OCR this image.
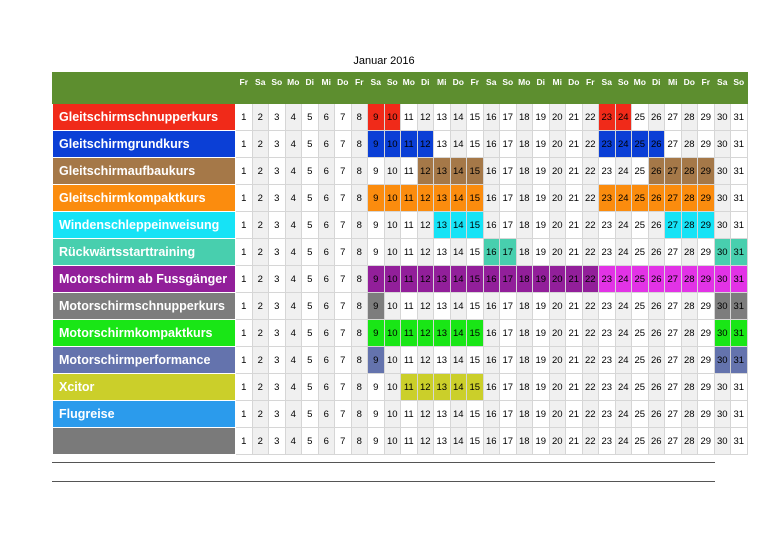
Januar 2016
	Fr	Sa	So	Mo	Di	Mi	Do	Fr	Sa	So	Mo	Di	Mi	Do	Fr	Sa	So	Mo	Di	Mi	Do	Fr	Sa	So	Mo	Di	Mi	Do	Fr	Sa	So
Gleitschirmschnupperkurs	1	2	3	4	5	6	7	8	9	10	11	12	13	14	15	16	17	18	19	20	21	22	23	24	25	26	27	28	29	30	31
Gleitschirmgrundkurs	1	2	3	4	5	6	7	8	9	10	11	12	13	14	15	16	17	18	19	20	21	22	23	24	25	26	27	28	29	30	31
Gleitschirmaufbaukurs	1	2	3	4	5	6	7	8	9	10	11	12	13	14	15	16	17	18	19	20	21	22	23	24	25	26	27	28	29	30	31
Gleitschirmkompaktkurs	1	2	3	4	5	6	7	8	9	10	11	12	13	14	15	16	17	18	19	20	21	22	23	24	25	26	27	28	29	30	31
Windenschleppeinweisung	1	2	3	4	5	6	7	8	9	10	11	12	13	14	15	16	17	18	19	20	21	22	23	24	25	26	27	28	29	30	31
Rückwärtsstarttraining	1	2	3	4	5	6	7	8	9	10	11	12	13	14	15	16	17	18	19	20	21	22	23	24	25	26	27	28	29	30	31
Motorschirm ab Fussgänger	1	2	3	4	5	6	7	8	9	10	11	12	13	14	15	16	17	18	19	20	21	22	23	24	25	26	27	28	29	30	31
Motorschirmschnupperkurs	1	2	3	4	5	6	7	8	9	10	11	12	13	14	15	16	17	18	19	20	21	22	23	24	25	26	27	28	29	30	31
Motorschirmkompaktkurs	1	2	3	4	5	6	7	8	9	10	11	12	13	14	15	16	17	18	19	20	21	22	23	24	25	26	27	28	29	30	31
Motorschirmperformance	1	2	3	4	5	6	7	8	9	10	11	12	13	14	15	16	17	18	19	20	21	22	23	24	25	26	27	28	29	30	31
Xcitor	1	2	3	4	5	6	7	8	9	10	11	12	13	14	15	16	17	18	19	20	21	22	23	24	25	26	27	28	29	30	31
Flugreise	1	2	3	4	5	6	7	8	9	10	11	12	13	14	15	16	17	18	19	20	21	22	23	24	25	26	27	28	29	30	31
	1	2	3	4	5	6	7	8	9	10	11	12	13	14	15	16	17	18	19	20	21	22	23	24	25	26	27	28	29	30	31
